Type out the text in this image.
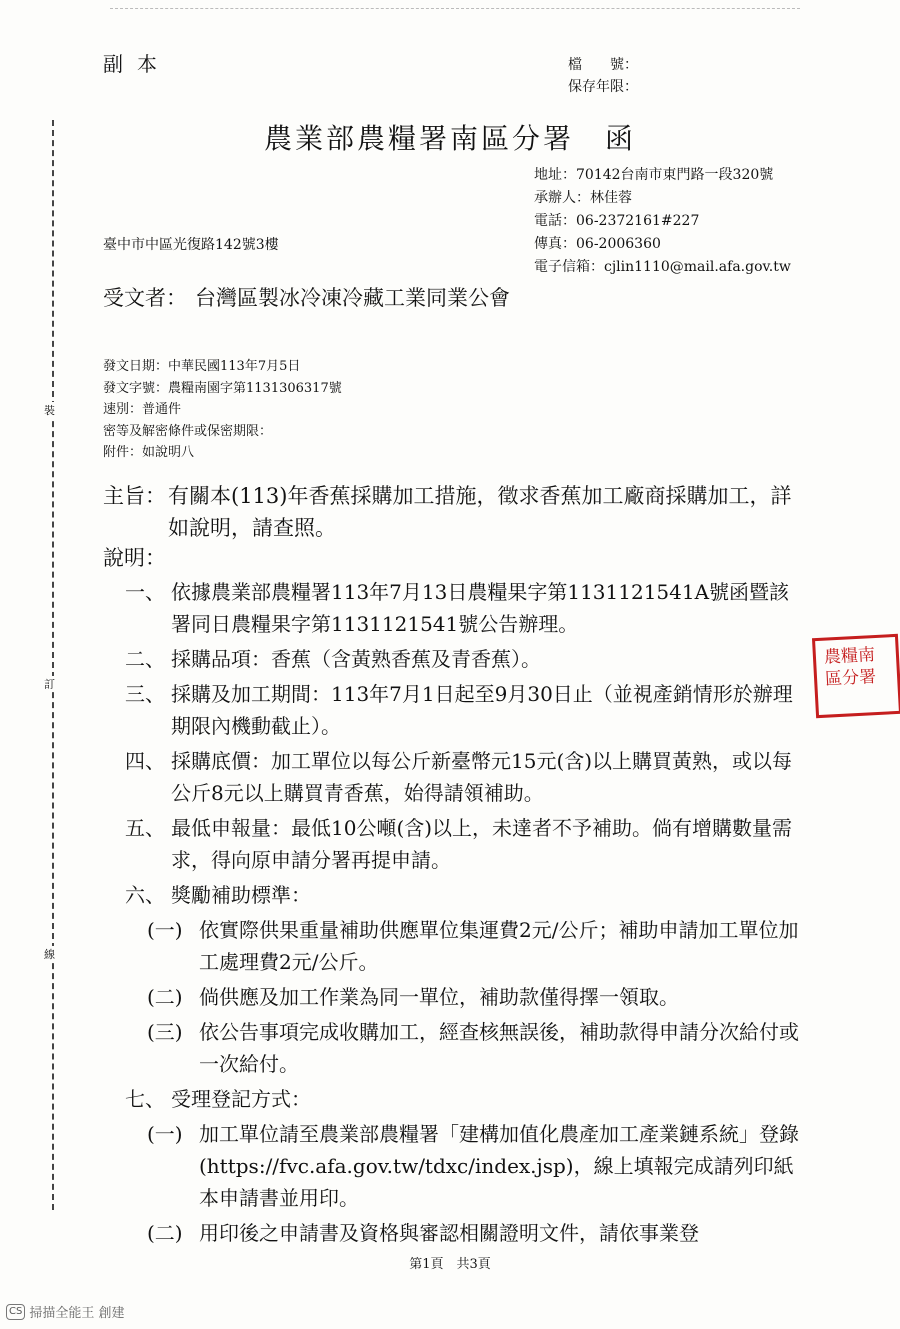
裝
訂
線
副本	檔　　號：
保存年限：
農業部農糧署南區分署　函
地址： 70142台南市東門路一段320號
承辦人： 林佳蓉
電話： 06-2372161#227
傳真： 06-2006360
電子信箱： cjlin1110@mail.afa.gov.tw
臺中市中區光復路142號3樓
受文者： 台灣區製冰冷凍冷藏工業同業公會
發文日期：中華民國113年7月5日
發文字號：農糧南園字第1131306317號
速別：普通件
密等及解密條件或保密期限：
附件：如說明八
主旨： 有關本(113)年香蕉採購加工措施，徵求香蕉加工廠商採購加工，詳如說明，請查照。
說明：
一、 依據農業部農糧署113年7月13日農糧果字第1131121541A號函暨該署同日農糧果字第1131121541號公告辦理。
二、 採購品項：香蕉（含黃熟香蕉及青香蕉）。
三、 採購及加工期間：113年7月1日起至9月30日止（並視產銷情形於辦理期限內機動截止）。
四、 採購底價：加工單位以每公斤新臺幣元15元(含)以上購買黃熟，或以每公斤8元以上購買青香蕉，始得請領補助。
五、 最低申報量：最低10公噸(含)以上，未達者不予補助。倘有增購數量需求，得向原申請分署再提申請。
六、 獎勵補助標準：
(一) 依實際供果重量補助供應單位集運費2元/公斤；補助申請加工單位加工處理費2元/公斤。
(二) 倘供應及加工作業為同一單位，補助款僅得擇一領取。
(三) 依公告事項完成收購加工，經查核無誤後，補助款得申請分次給付或一次給付。
七、 受理登記方式：
(一) 加工單位請至農業部農糧署「建構加值化農產加工產業鏈系統」登錄(https://fvc.afa.gov.tw/tdxc/index.jsp)，線上填報完成請列印紙本申請書並用印。
(二) 用印後之申請書及資格與審認相關證明文件，請依事業登
農糧南區分署
第1頁　共3頁
CS 掃描全能王 創建
